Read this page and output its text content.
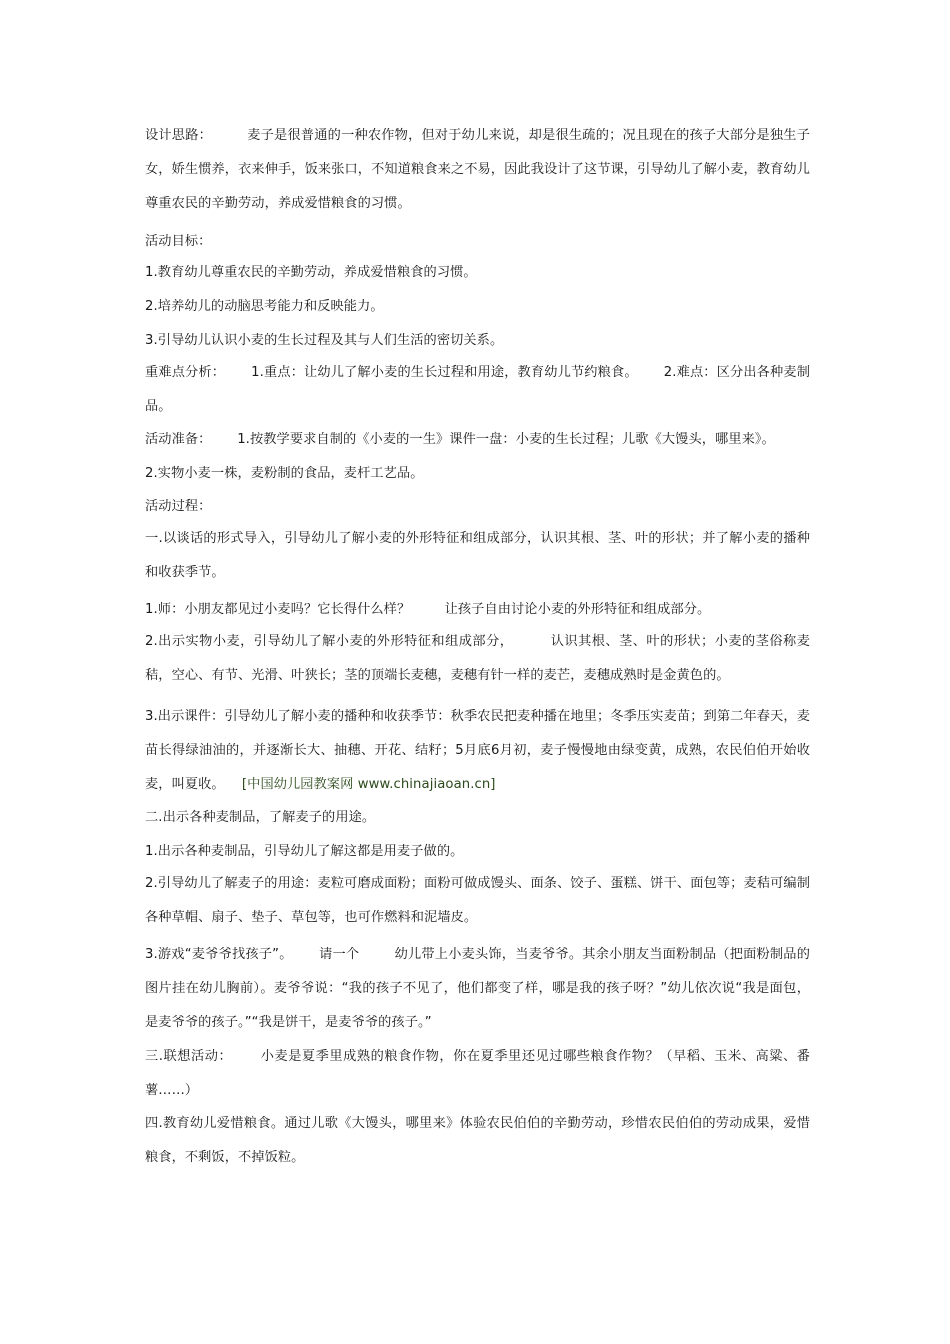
设计思路：        麦子是很普通的一种农作物，但对于幼儿来说，却是很生疏的；况且现在的孩子大部分是独生子女，娇生惯养，衣来伸手，饭来张口，不知道粮食来之不易，因此我设计了这节课，引导幼儿了解小麦，教育幼儿尊重农民的辛勤劳动，养成爱惜粮食的习惯。
活动目标：
1.教育幼儿尊重农民的辛勤劳动，养成爱惜粮食的习惯。
2.培养幼儿的动脑思考能力和反映能力。
3.引导幼儿认识小麦的生长过程及其与人们生活的密切关系。
重难点分析：      1.重点：让幼儿了解小麦的生长过程和用途，教育幼儿节约粮食。      2.难点：区分出各种麦制品。
活动准备：      1.按教学要求自制的《小麦的一生》课件一盘：小麦的生长过程；儿歌《大馒头，哪里来》。
2.实物小麦一株，麦粉制的食品，麦杆工艺品。
活动过程：
一.以谈话的形式导入，引导幼儿了解小麦的外形特征和组成部分，认识其根、茎、叶的形状；并了解小麦的播种和收获季节。
1.师：小朋友都见过小麦吗？它长得什么样？        让孩子自由讨论小麦的外形特征和组成部分。
2.出示实物小麦，引导幼儿了解小麦的外形特征和组成部分，        认识其根、茎、叶的形状；小麦的茎俗称麦秸，空心、有节、光滑、叶狭长；茎的顶端长麦穗，麦穗有针一样的麦芒，麦穗成熟时是金黄色的。
3.出示课件：引导幼儿了解小麦的播种和收获季节：秋季农民把麦种播在地里；冬季压实麦苗；到第二年春天，麦苗长得绿油油的，并逐渐长大、抽穗、开花、结籽；5月底6月初，麦子慢慢地由绿变黄，成熟，农民伯伯开始收麦，叫夏收。    [中国幼儿园教案网 www.chinajiaoan.cn]
二.出示各种麦制品，了解麦子的用途。
1.出示各种麦制品，引导幼儿了解这都是用麦子做的。
2.引导幼儿了解麦子的用途：麦粒可磨成面粉；面粉可做成馒头、面条、饺子、蛋糕、饼干、面包等；麦秸可编制各种草帽、扇子、垫子、草包等，也可作燃料和泥墙皮。
3.游戏“麦爷爷找孩子”。      请一个        幼儿带上小麦头饰，当麦爷爷。其余小朋友当面粉制品（把面粉制品的图片挂在幼儿胸前）。麦爷爷说：“我的孩子不见了，他们都变了样，哪是我的孩子呀？”幼儿依次说“我是面包，是麦爷爷的孩子。”“我是饼干，是麦爷爷的孩子。”
三.联想活动：      小麦是夏季里成熟的粮食作物，你在夏季里还见过哪些粮食作物？（早稻、玉米、高粱、番薯……）
四.教育幼儿爱惜粮食。通过儿歌《大馒头，哪里来》体验农民伯伯的辛勤劳动，珍惜农民伯伯的劳动成果，爱惜粮食，不剩饭，不掉饭粒。
